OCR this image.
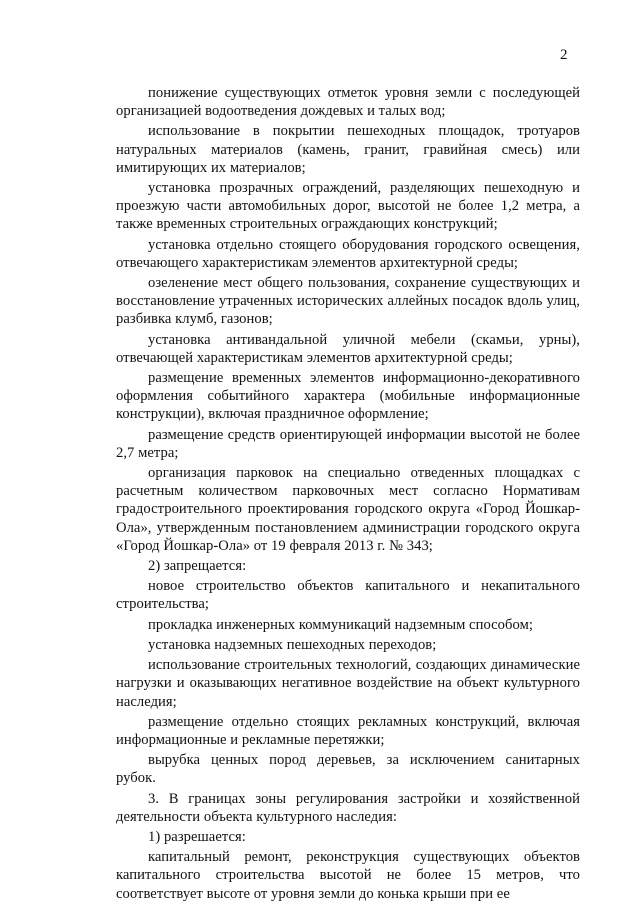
2

понижение существующих отметок уровня земли с последующей организацией водоотведения дождевых и талых вод;

использование в покрытии пешеходных площадок, тротуаров натуральных материалов (камень, гранит, гравийная смесь) или имитирующих их материалов;

установка прозрачных ограждений, разделяющих пешеходную и проезжую части автомобильных дорог, высотой не более 1,2 метра, а также временных строительных ограждающих конструкций;

установка отдельно стоящего оборудования городского освещения, отвечающего характеристикам элементов архитектурной среды;

озеленение мест общего пользования, сохранение существующих и восстановление утраченных исторических аллейных посадок вдоль улиц, разбивка клумб, газонов;

установка антивандальной уличной мебели (скамьи, урны), отвечающей характеристикам элементов архитектурной среды;

размещение временных элементов информационно-декоративного оформления событийного характера (мобильные информационные конструкции), включая праздничное оформление;

размещение средств ориентирующей информации высотой не более 2,7 метра;

организация парковок на специально отведенных площадках с расчетным количеством парковочных мест согласно Нормативам градостроительного проектирования городского округа «Город Йошкар-Ола», утвержденным постановлением администрации городского округа «Город Йошкар-Ола» от 19 февраля 2013 г. № 343;

2) запрещается:

новое строительство объектов капитального и некапитального строительства;

прокладка инженерных коммуникаций надземным способом;

установка надземных пешеходных переходов;

использование строительных технологий, создающих динамические нагрузки и оказывающих негативное воздействие на объект культурного наследия;

размещение отдельно стоящих рекламных конструкций, включая информационные и рекламные перетяжки;

вырубка ценных пород деревьев, за исключением санитарных рубок.

3. В границах зоны регулирования застройки и хозяйственной деятельности объекта культурного наследия:

1) разрешается:

капитальный ремонт, реконструкция существующих объектов капитального строительства высотой не более 15 метров, что соответствует высоте от уровня земли до конька крыши при ее
